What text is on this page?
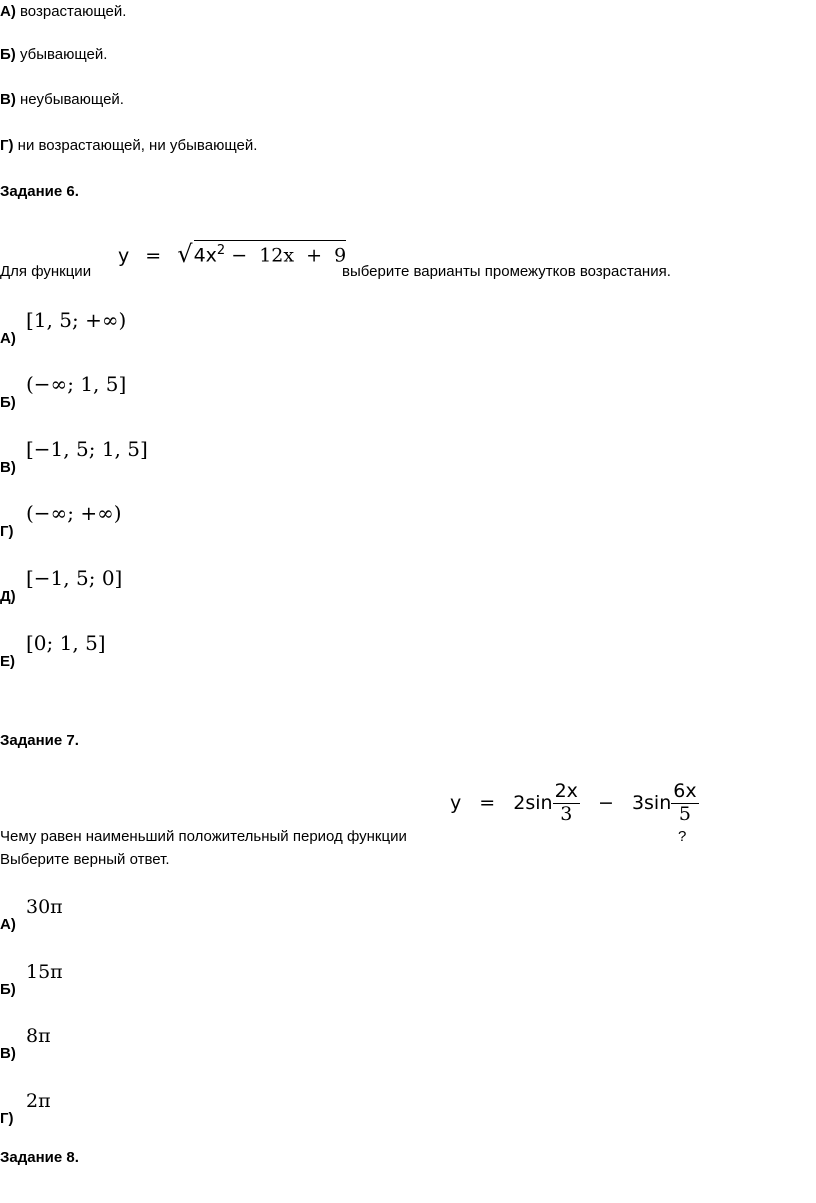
А) возрастающей.
Б) убывающей.
В) неубывающей.
Г) ни возрастающей, ни убывающей.
Задание 6.
Для функции
y = √ $4x^2 - 12x + 9$
выберите варианты промежутков возрастания.
А)
[1, 5; +∞)
Б)
(−∞; 1, 5]
В)
[−1, 5; 1, 5]
Г)
(−∞; +∞)
Д)
[−1, 5; 0]
Е)
[0; 1, 5]
Задание 7.
Чему равен наименьший положительный период функции
$y = 2\sin \frac{2x}{3} - 3\sin \frac{6x}{5}$
?
Выберите верный ответ.
А)
30π
Б)
15π
В)
8π
Г)
2π
Задание 8.
